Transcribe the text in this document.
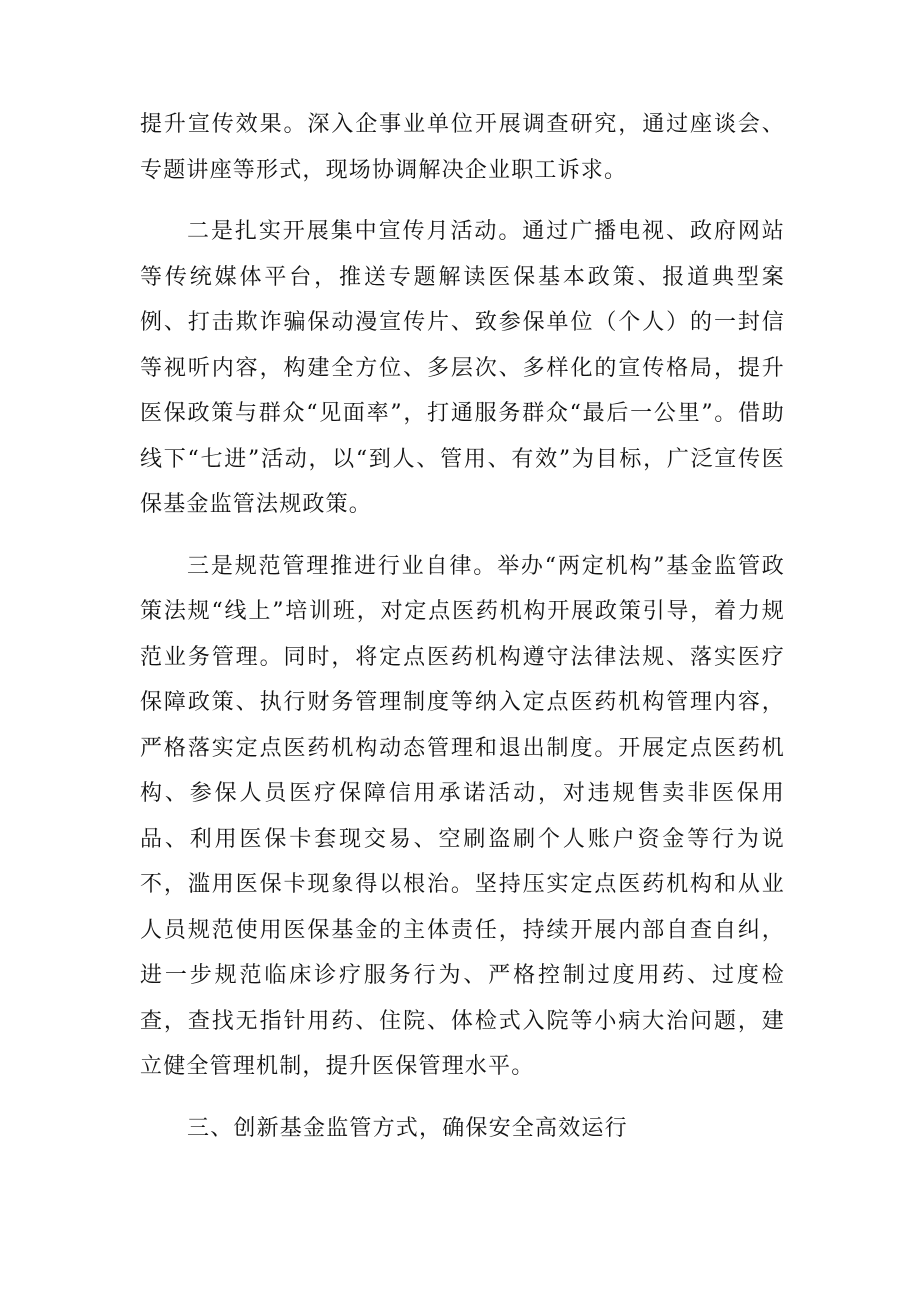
提升宣传效果。深入企事业单位开展调查研究，通过座谈会、专题讲座等形式，现场协调解决企业职工诉求。

二是扎实开展集中宣传月活动。通过广播电视、政府网站等传统媒体平台，推送专题解读医保基本政策、报道典型案例、打击欺诈骗保动漫宣传片、致参保单位（个人）的一封信等视听内容，构建全方位、多层次、多样化的宣传格局，提升医保政策与群众“见面率”，打通服务群众“最后一公里”。借助线下“七进”活动，以“到人、管用、有效”为目标，广泛宣传医保基金监管法规政策。

三是规范管理推进行业自律。举办“两定机构”基金监管政策法规“线上”培训班，对定点医药机构开展政策引导，着力规范业务管理。同时，将定点医药机构遵守法律法规、落实医疗保障政策、执行财务管理制度等纳入定点医药机构管理内容，严格落实定点医药机构动态管理和退出制度。开展定点医药机构、参保人员医疗保障信用承诺活动，对违规售卖非医保用品、利用医保卡套现交易、空刷盗刷个人账户资金等行为说不，滥用医保卡现象得以根治。坚持压实定点医药机构和从业人员规范使用医保基金的主体责任，持续开展内部自查自纠，进一步规范临床诊疗服务行为、严格控制过度用药、过度检查，查找无指针用药、住院、体检式入院等小病大治问题，建立健全管理机制，提升医保管理水平。

三、创新基金监管方式，确保安全高效运行
